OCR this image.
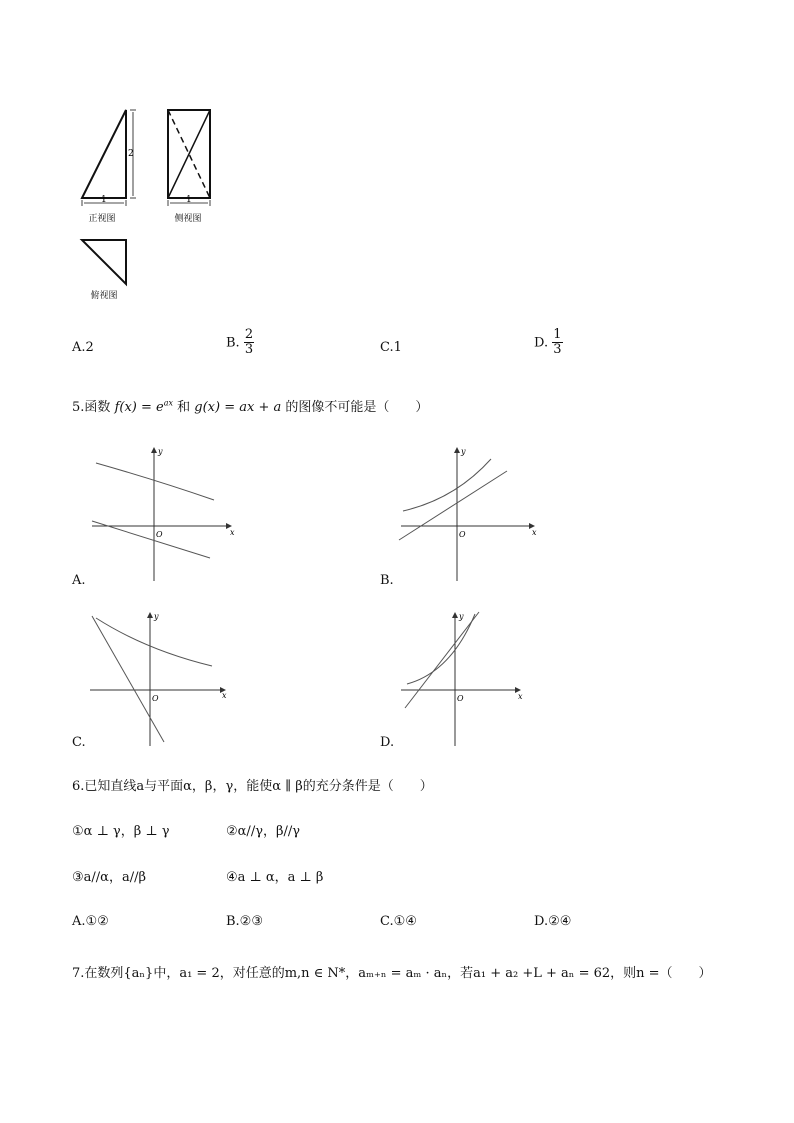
2
1	1
正视图	侧视图
俯视图
A.2	B. $\frac{2}{3}$	C.1	D. $\frac{1}{3}$
5.函数 $f(x) = e^{ax}$ 和 g(x) = ax + a 的图像不可能是（　　）
x
y
O
A.
x
y
O
B.
x
y
O
C.
x
y
O
D.
6.已知直线a与平面α，β，γ，能使α ∥ β的充分条件是（　　）
①α ⊥ γ，β ⊥ γ	②α//γ，β//γ
③a//α，a//β	④a ⊥ α，a ⊥ β
A.①②	B.②③	C.①④	D.②④
7.在数列{aₙ}中，a₁ = 2，对任意的m,n ∈ N*，aₘ₊ₙ = aₘ · aₙ，若a₁ + a₂ +L + aₙ = 62，则n =（　　）
